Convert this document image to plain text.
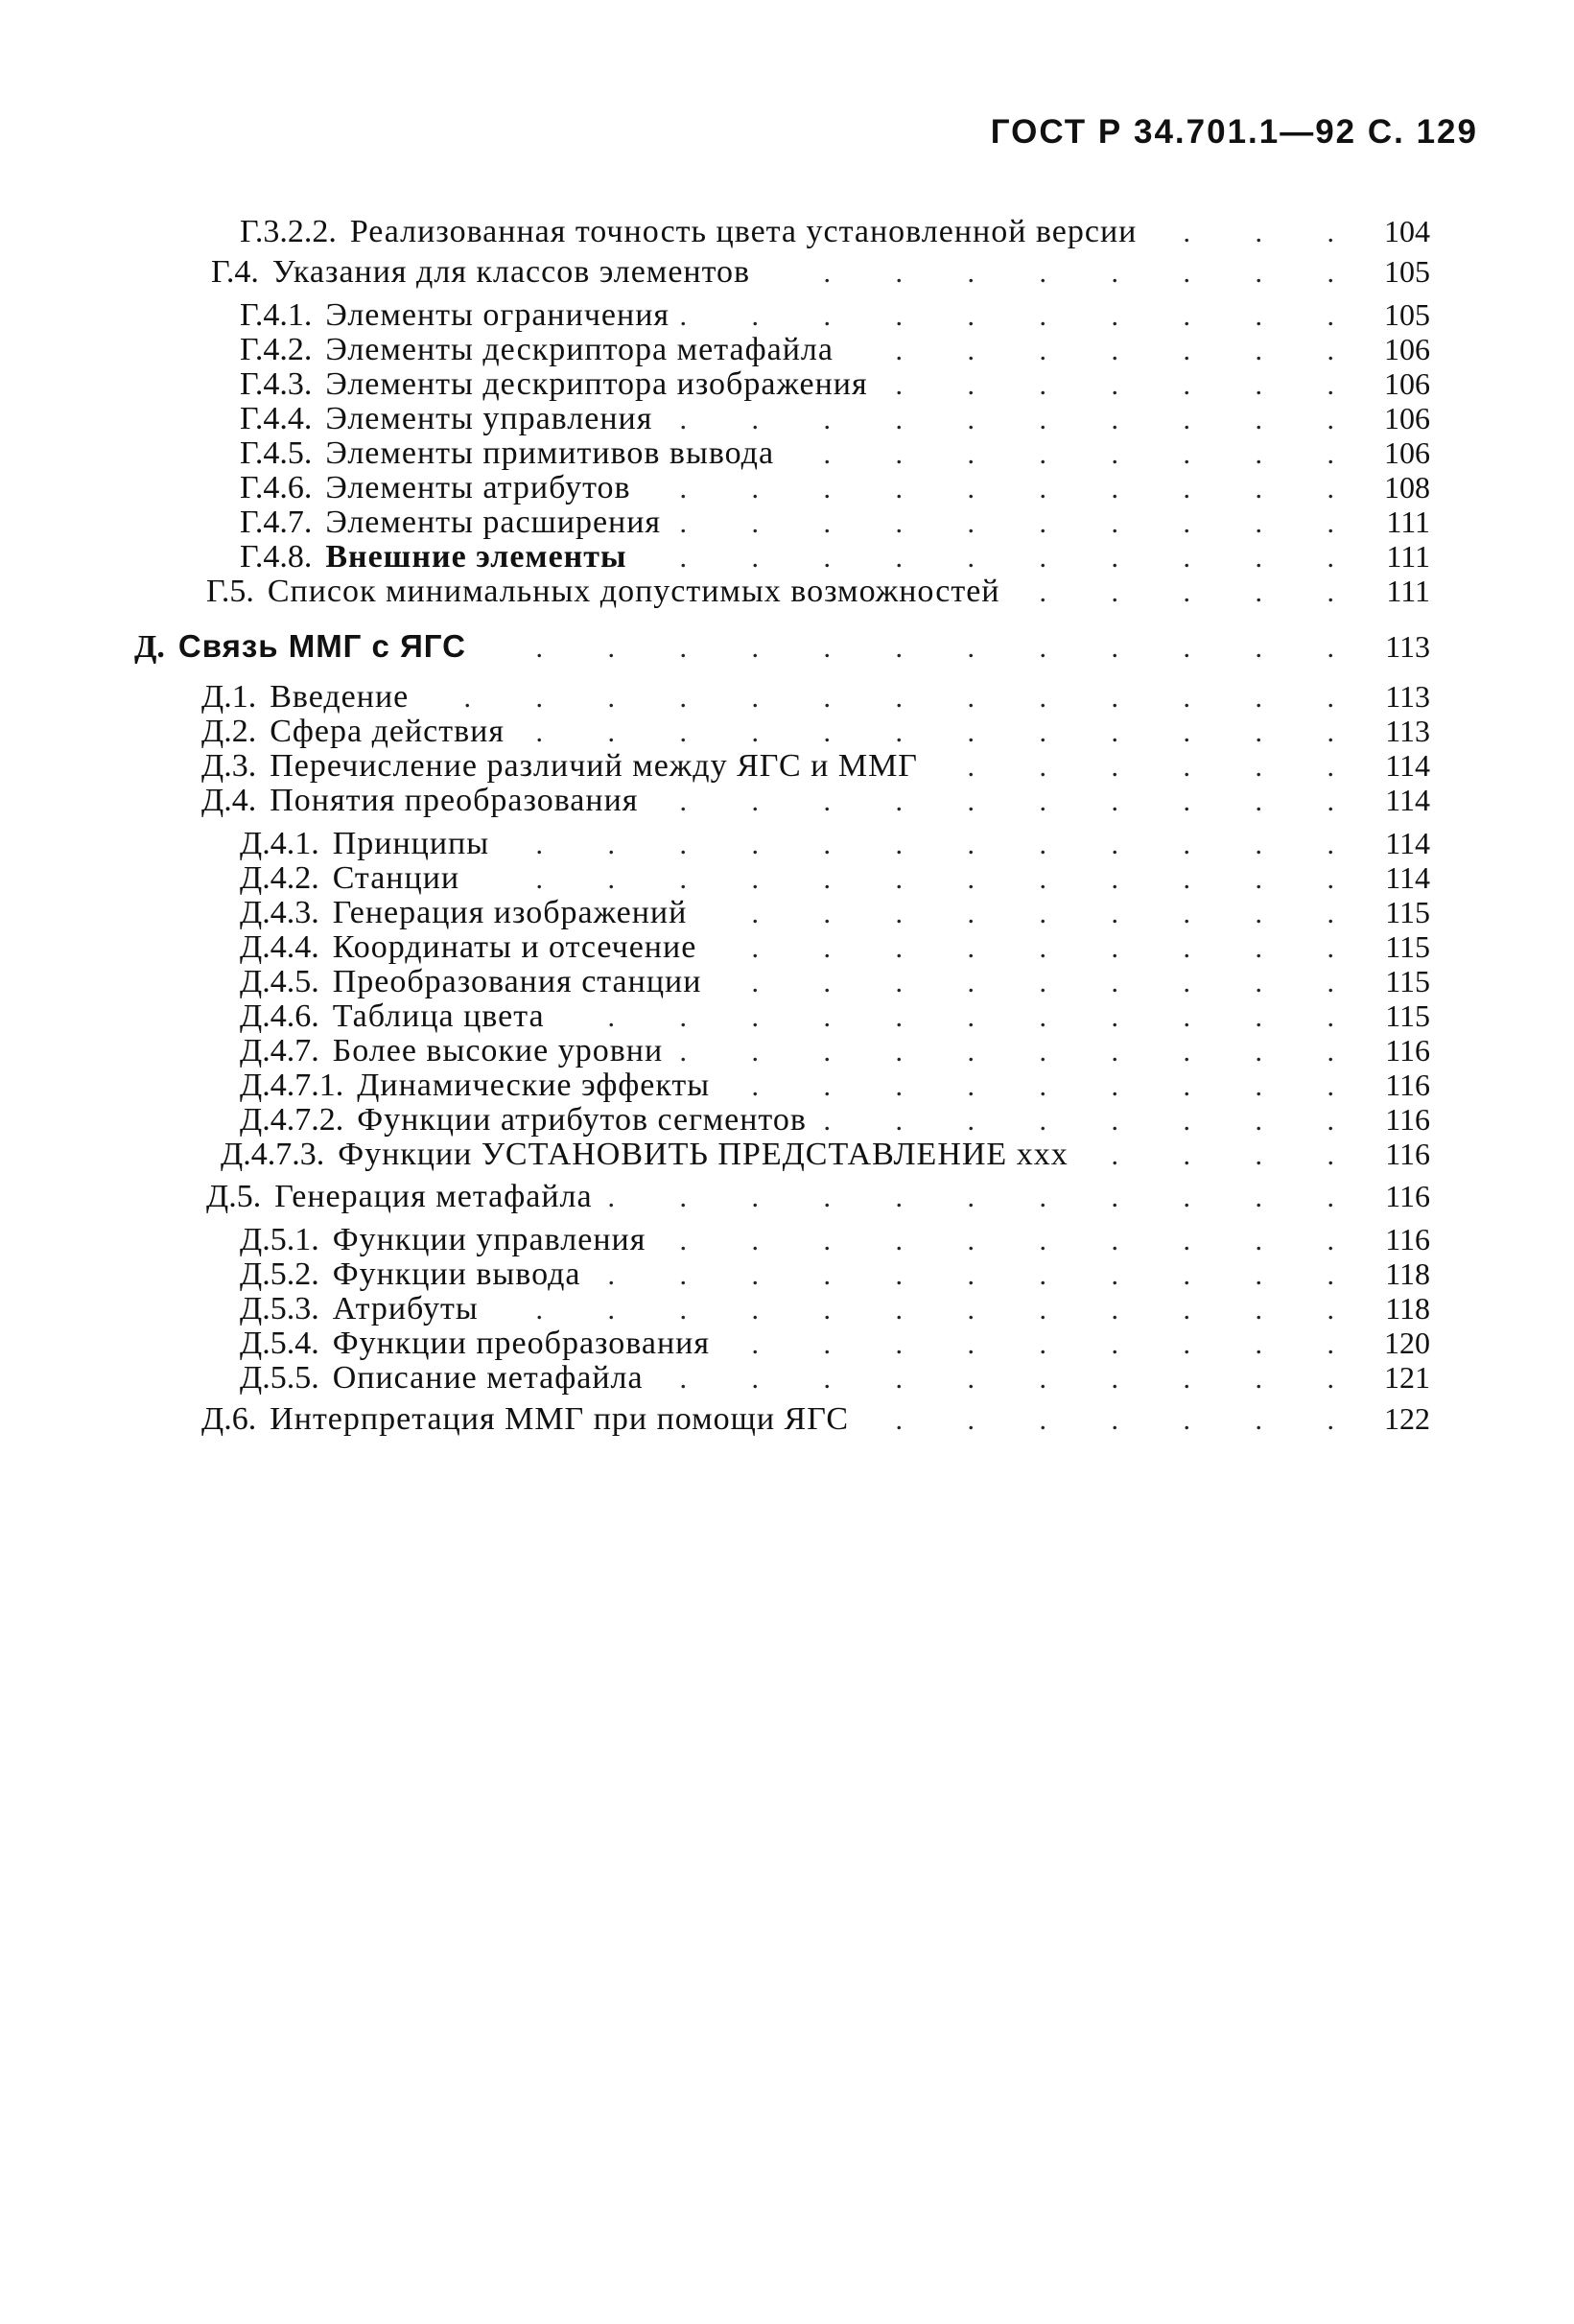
ГОСТ Р 34.701.1—92 С. 129
Г.3.2.2. Реализованная точность цвета установленной версии . . .	104
Г.4. Указания для классов элементов . . .	105
Г.4.1. Элементы ограничения . . .	105
Г.4.2. Элементы дескриптора метафайла . . .	106
Г.4.3. Элементы дескриптора изображения . . .	106
Г.4.4. Элементы управления . . .	106
Г.4.5. Элементы примитивов вывода . . .	106
Г.4.6. Элементы атрибутов . . .	108
Г.4.7. Элементы расширения . . .	111
Г.4.8. Внешние элементы . . .	111
Г.5. Список минимальных допустимых возможностей . . .	111
Д. Связь ММГ с ЯГС . . .	113
Д.1. Введение . . .	113
Д.2. Сфера действия . . .	113
Д.3. Перечисление различий между ЯГС и ММГ . . .	114
Д.4. Понятия преобразования . . .	114
Д.4.1. Принципы . . .	114
Д.4.2. Станции . . .	114
Д.4.3. Генерация изображений . . .	115
Д.4.4. Координаты и отсечение . . .	115
Д.4.5. Преобразования станции . . .	115
Д.4.6. Таблица цвета . . .	115
Д.4.7. Более высокие уровни . . .	116
Д.4.7.1. Динамические эффекты . . .	116
Д.4.7.2. Функции атрибутов сегментов . . .	116
Д.4.7.3. Функции УСТАНОВИТЬ ПРЕДСТАВЛЕНИЕ ххх . . .	116
Д.5. Генерация метафайла . . .	116
Д.5.1. Функции управления . . .	116
Д.5.2. Функции вывода . . .	118
Д.5.3. Атрибуты . . .	118
Д.5.4. Функции преобразования . . .	120
Д.5.5. Описание метафайла . . .	121
Д.6. Интерпретация ММГ при помощи ЯГС . . .	122
